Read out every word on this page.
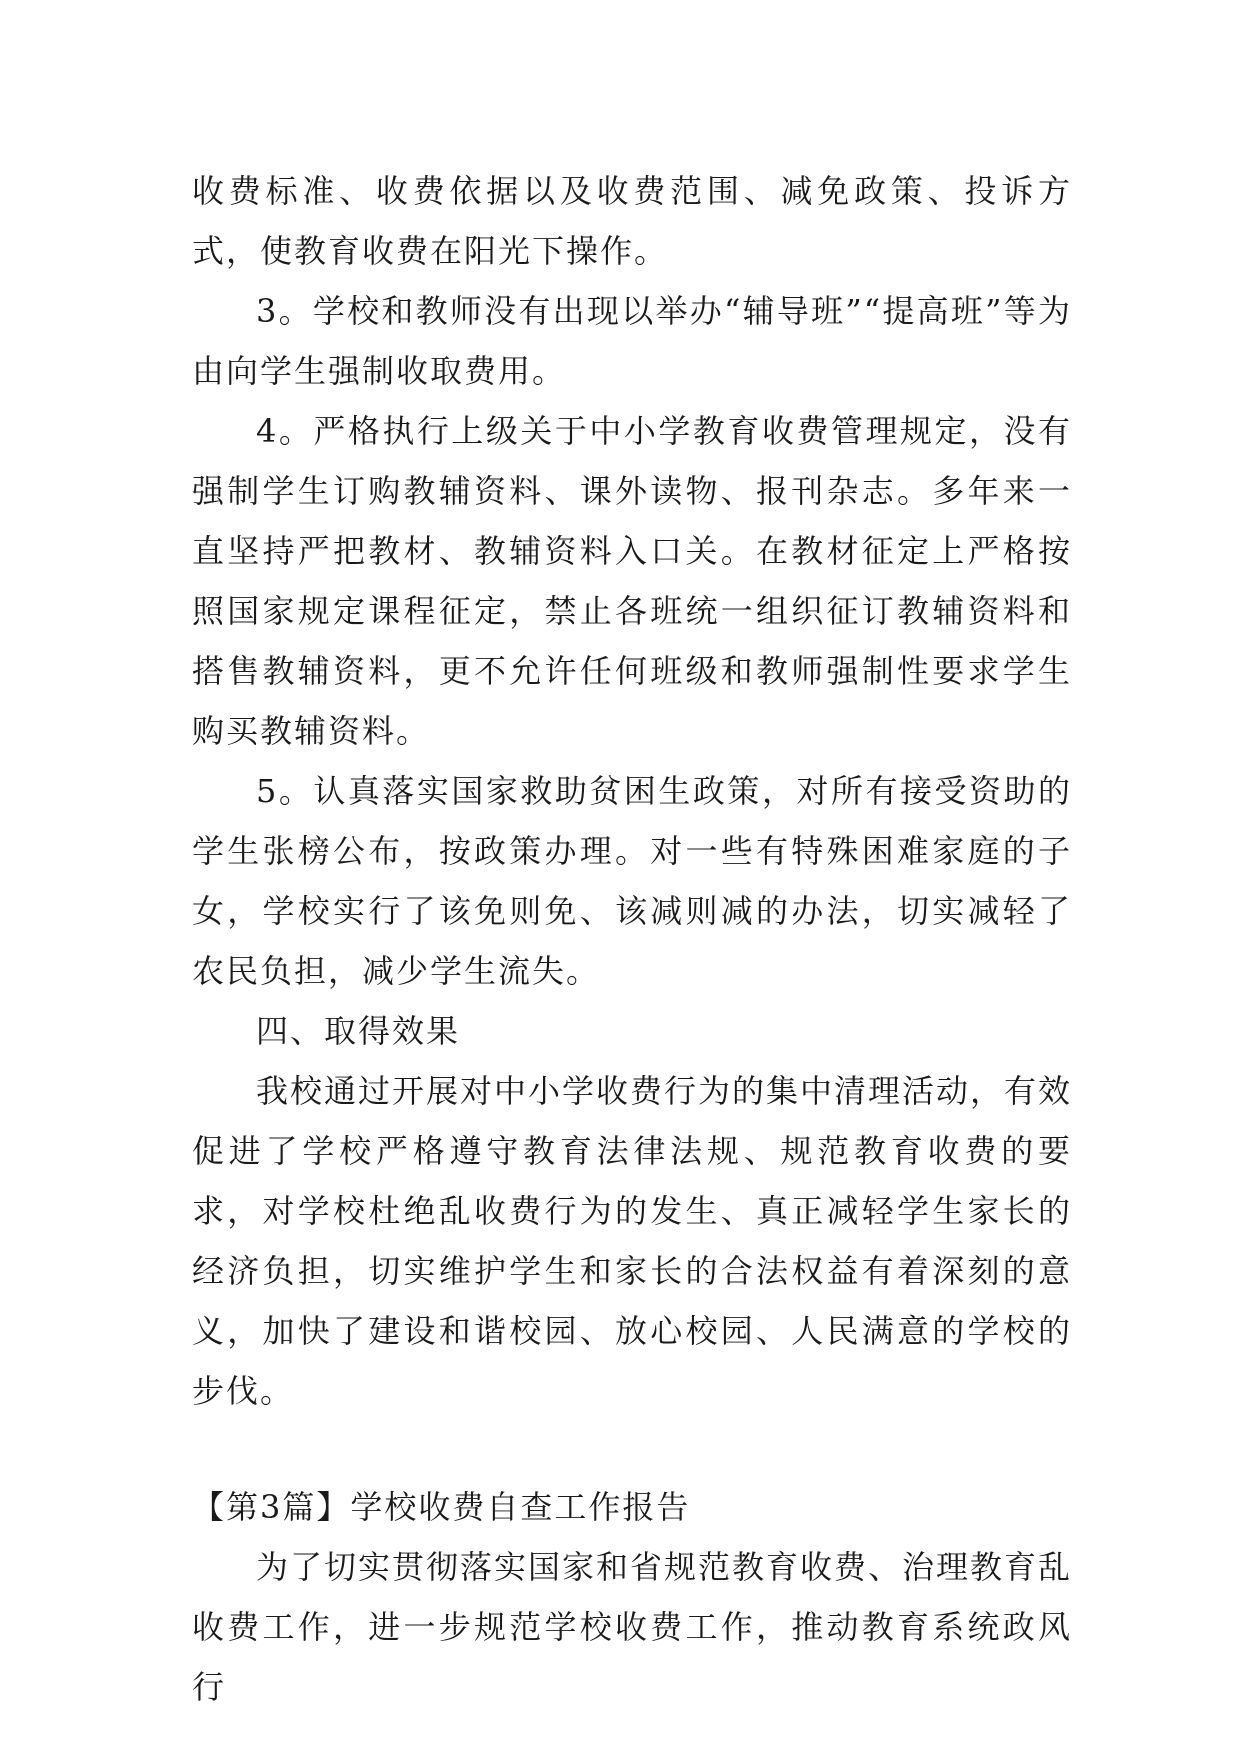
收费标准、收费依据以及收费范围、减免政策、投诉方式，使教育收费在阳光下操作。

3。学校和教师没有出现以举办“辅导班”“提高班”等为由向学生强制收取费用。

4。严格执行上级关于中小学教育收费管理规定，没有强制学生订购教辅资料、课外读物、报刊杂志。多年来一直坚持严把教材、教辅资料入口关。在教材征定上严格按照国家规定课程征定，禁止各班统一组织征订教辅资料和搭售教辅资料，更不允许任何班级和教师强制性要求学生购买教辅资料。

5。认真落实国家救助贫困生政策，对所有接受资助的学生张榜公布，按政策办理。对一些有特殊困难家庭的子女，学校实行了该免则免、该减则减的办法，切实减轻了农民负担，减少学生流失。

四、取得效果

我校通过开展对中小学收费行为的集中清理活动，有效促进了学校严格遵守教育法律法规、规范教育收费的要求，对学校杜绝乱收费行为的发生、真正减轻学生家长的经济负担，切实维护学生和家长的合法权益有着深刻的意义，加快了建设和谐校园、放心校园、人民满意的学校的步伐。

【第3篇】学校收费自查工作报告

为了切实贯彻落实国家和省规范教育收费、治理教育乱收费工作，进一步规范学校收费工作，推动教育系统政风行
